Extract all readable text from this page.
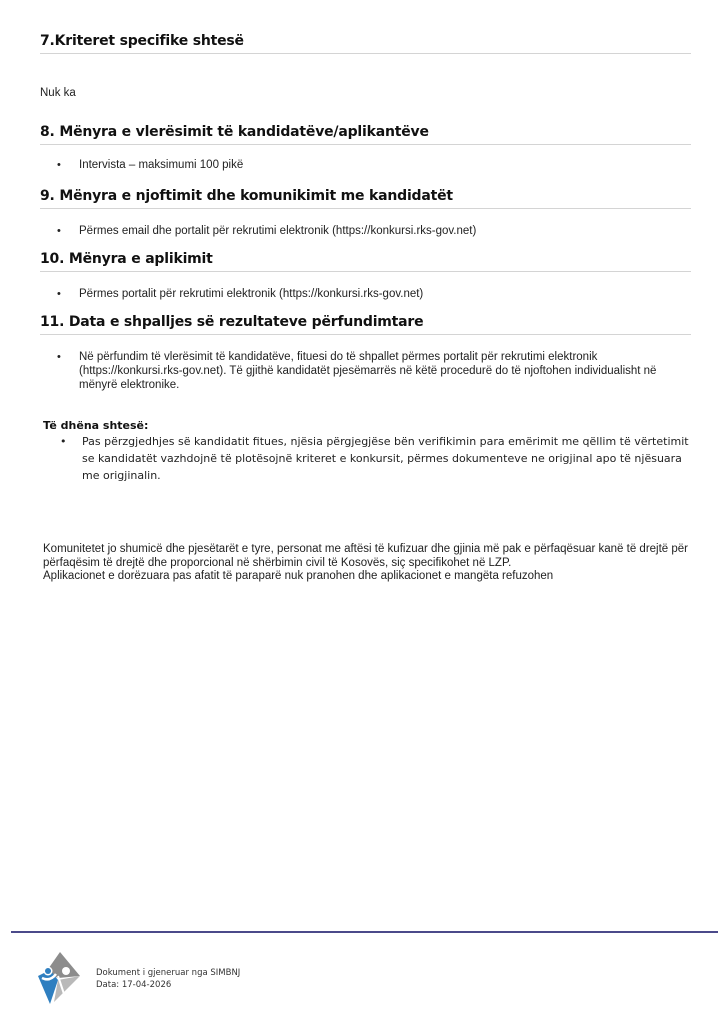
7.Kriteret specifike shtesë
Nuk ka
8. Mënyra e vlerësimit të kandidatëve/aplikantëve
• Intervista – maksimumi 100 pikë
9. Mënyra e njoftimit dhe komunikimit me kandidatët
• Përmes email dhe portalit për rekrutimi elektronik (https://konkursi.rks-gov.net)
10. Mënyra e aplikimit
• Përmes portalit për rekrutimi elektronik (https://konkursi.rks-gov.net)
11. Data e shpalljes së rezultateve përfundimtare
• Në përfundim të vlerësimit të kandidatëve, fituesi do të shpallet përmes portalit për rekrutimi elektronik (https://konkursi.rks-gov.net). Të gjithë kandidatët pjesëmarrës në këtë procedurë do të njoftohen individualisht në mënyrë elektronike.
Të dhëna shtesë:
• Pas përzgjedhjes së kandidatit fitues, njësia përgjegjëse bën verifikimin para emërimit me qëllim të vërtetimit se kandidatët vazhdojnë të plotësojnë kriteret e konkursit, përmes dokumenteve ne origjinal apo të njësuara me origjinalin.

Komunitetet jo shumicë dhe pjesëtarët e tyre, personat me aftësi të kufizuar dhe gjinia më pak e përfaqësuar kanë të drejtë për përfaqësim të drejtë dhe proporcional në shërbimin civil të Kosovës, siç specifikohet në LZP.

Aplikacionet e dorëzuara pas afatit të paraparë nuk pranohen dhe aplikacionet e mangëta refuzohen

Dokument i gjeneruar nga SIMBNJ
Data: 17-04-2026
